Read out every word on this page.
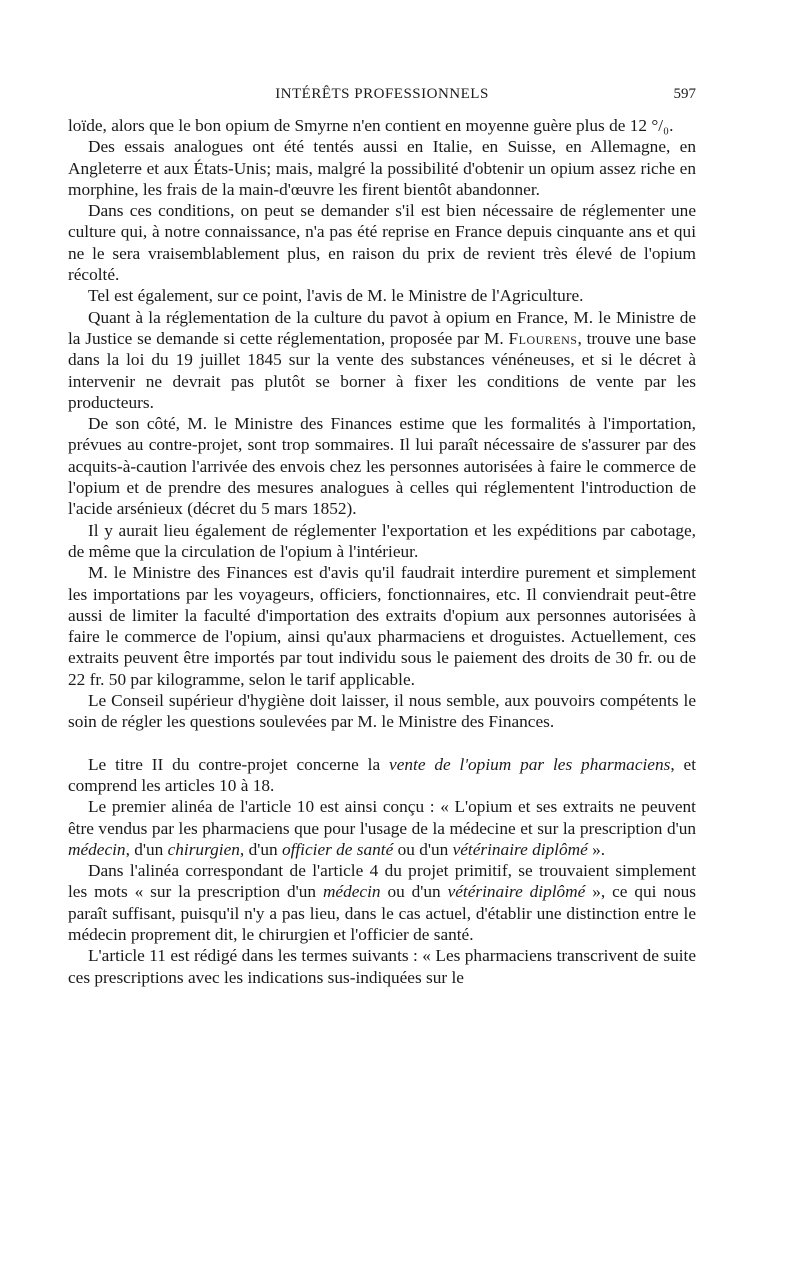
INTÉRÊTS PROFESSIONNELS	597

loïde, alors que le bon opium de Smyrne n'en contient en moyenne guère plus de 12 °/₀.

Des essais analogues ont été tentés aussi en Italie, en Suisse, en Allemagne, en Angleterre et aux États-Unis; mais, malgré la possibilité d'obtenir un opium assez riche en morphine, les frais de la main-d'œuvre les firent bientôt abandonner.

Dans ces conditions, on peut se demander s'il est bien nécessaire de réglementer une culture qui, à notre connaissance, n'a pas été reprise en France depuis cinquante ans et qui ne le sera vraisemblablement plus, en raison du prix de revient très élevé de l'opium récolté.

Tel est également, sur ce point, l'avis de M. le Ministre de l'Agriculture.

Quant à la réglementation de la culture du pavot à opium en France, M. le Ministre de la Justice se demande si cette réglementation, proposée par M. Flourens, trouve une base dans la loi du 19 juillet 1845 sur la vente des substances vénéneuses, et si le décret à intervenir ne devrait pas plutôt se borner à fixer les conditions de vente par les producteurs.

De son côté, M. le Ministre des Finances estime que les formalités à l'importation, prévues au contre-projet, sont trop sommaires. Il lui paraît nécessaire de s'assurer par des acquits-à-caution l'arrivée des envois chez les personnes autorisées à faire le commerce de l'opium et de prendre des mesures analogues à celles qui réglementent l'introduction de l'acide arsénieux (décret du 5 mars 1852).

Il y aurait lieu également de réglementer l'exportation et les expéditions par cabotage, de même que la circulation de l'opium à l'intérieur.

M. le Ministre des Finances est d'avis qu'il faudrait interdire purement et simplement les importations par les voyageurs, officiers, fonctionnaires, etc. Il conviendrait peut-être aussi de limiter la faculté d'importation des extraits d'opium aux personnes autorisées à faire le commerce de l'opium, ainsi qu'aux pharmaciens et droguistes. Actuellement, ces extraits peuvent être importés par tout individu sous le paiement des droits de 30 fr. ou de 22 fr. 50 par kilogramme, selon le tarif applicable.

Le Conseil supérieur d'hygiène doit laisser, il nous semble, aux pouvoirs compétents le soin de régler les questions soulevées par M. le Ministre des Finances.

Le titre II du contre-projet concerne la vente de l'opium par les pharmaciens, et comprend les articles 10 à 18.

Le premier alinéa de l'article 10 est ainsi conçu : « L'opium et ses extraits ne peuvent être vendus par les pharmaciens que pour l'usage de la médecine et sur la prescription d'un médecin, d'un chirurgien, d'un officier de santé ou d'un vétérinaire diplômé ».

Dans l'alinéa correspondant de l'article 4 du projet primitif, se trouvaient simplement les mots « sur la prescription d'un médecin ou d'un vétérinaire diplômé », ce qui nous paraît suffisant, puisqu'il n'y a pas lieu, dans le cas actuel, d'établir une distinction entre le médecin proprement dit, le chirurgien et l'officier de santé.

L'article 11 est rédigé dans les termes suivants : « Les pharmaciens transcrivent de suite ces prescriptions avec les indications sus-indiquées sur le
